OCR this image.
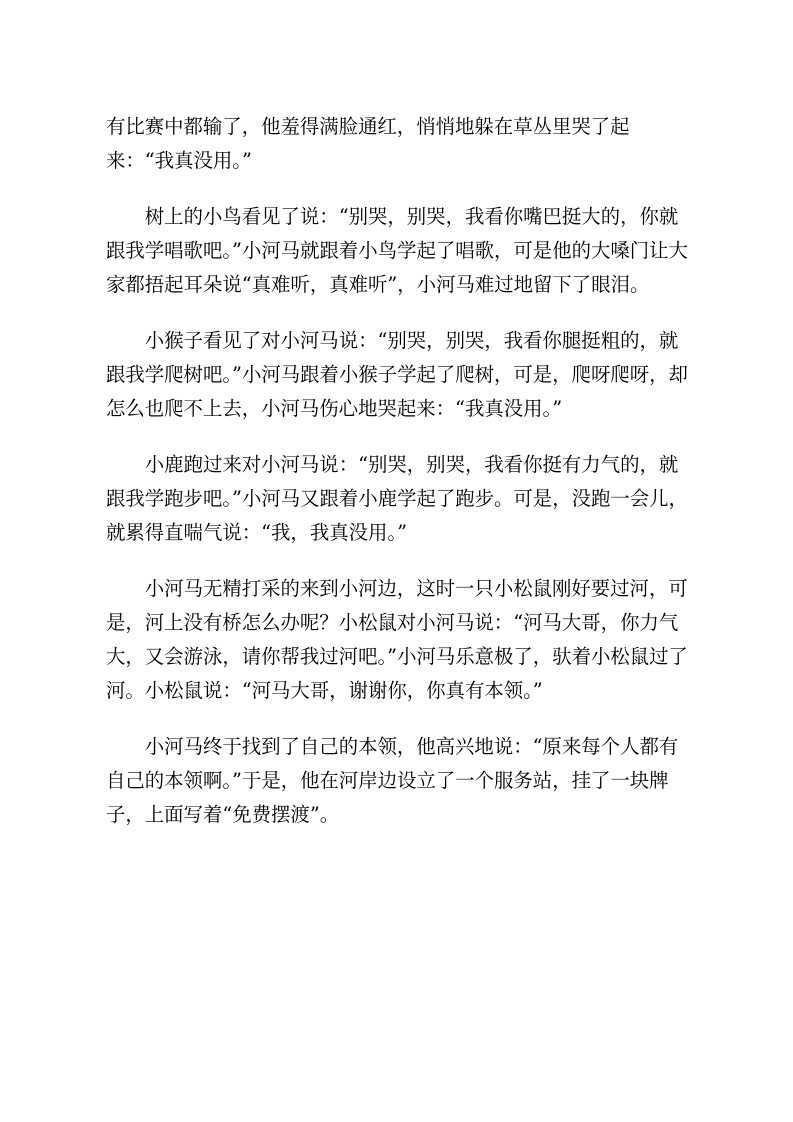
有比赛中都输了，他羞得满脸通红，悄悄地躲在草丛里哭了起来：“我真没用。”

树上的小鸟看见了说：“别哭，别哭，我看你嘴巴挺大的，你就跟我学唱歌吧。”小河马就跟着小鸟学起了唱歌，可是他的大嗓门让大家都捂起耳朵说“真难听，真难听”，小河马难过地留下了眼泪。

小猴子看见了对小河马说：“别哭，别哭，我看你腿挺粗的，就跟我学爬树吧。”小河马跟着小猴子学起了爬树，可是，爬呀爬呀，却怎么也爬不上去，小河马伤心地哭起来：“我真没用。”

小鹿跑过来对小河马说：“别哭，别哭，我看你挺有力气的，就跟我学跑步吧。”小河马又跟着小鹿学起了跑步。可是，没跑一会儿，就累得直喘气说：“我，我真没用。”

小河马无精打采的来到小河边，这时一只小松鼠刚好要过河，可是，河上没有桥怎么办呢？小松鼠对小河马说：“河马大哥，你力气大，又会游泳，请你帮我过河吧。”小河马乐意极了，驮着小松鼠过了河。小松鼠说：“河马大哥，谢谢你，你真有本领。”

小河马终于找到了自己的本领，他高兴地说：“原来每个人都有自己的本领啊。”于是，他在河岸边设立了一个服务站，挂了一块牌子，上面写着“免费摆渡”。
